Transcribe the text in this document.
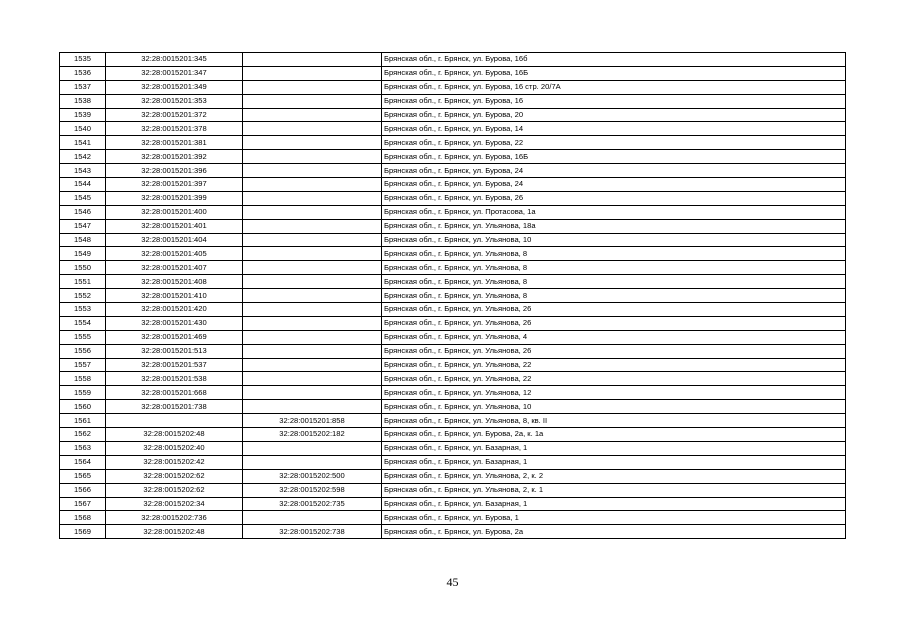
1535	32:28:0015201:345		Брянская обл., г. Брянск, ул. Бурова, 16б
1536	32:28:0015201:347		Брянская обл., г. Брянск, ул. Бурова, 16Б
1537	32:28:0015201:349		Брянская обл., г. Брянск, ул. Бурова, 16 стр. 20/7А
1538	32:28:0015201:353		Брянская обл., г. Брянск, ул. Бурова, 16
1539	32:28:0015201:372		Брянская обл., г. Брянск, ул. Бурова, 20
1540	32:28:0015201:378		Брянская обл., г. Брянск, ул. Бурова, 14
1541	32:28:0015201:381		Брянская обл., г. Брянск, ул. Бурова, 22
1542	32:28:0015201:392		Брянская обл., г. Брянск, ул. Бурова, 16Б
1543	32:28:0015201:396		Брянская обл., г. Брянск, ул. Бурова, 24
1544	32:28:0015201:397		Брянская обл., г. Брянск, ул. Бурова, 24
1545	32:28:0015201:399		Брянская обл., г. Брянск, ул. Бурова, 26
1546	32:28:0015201:400		Брянская обл., г. Брянск, ул. Протасова, 1а
1547	32:28:0015201:401		Брянская обл., г. Брянск, ул. Ульянова, 18а
1548	32:28:0015201:404		Брянская обл., г. Брянск, ул. Ульянова, 10
1549	32:28:0015201:405		Брянская обл., г. Брянск, ул. Ульянова, 8
1550	32:28:0015201:407		Брянская обл., г. Брянск, ул. Ульянова, 8
1551	32:28:0015201:408		Брянская обл., г. Брянск, ул. Ульянова, 8
1552	32:28:0015201:410		Брянская обл., г. Брянск, ул. Ульянова, 8
1553	32:28:0015201:420		Брянская обл., г. Брянск, ул. Ульянова, 26
1554	32:28:0015201:430		Брянская обл., г. Брянск, ул. Ульянова, 26
1555	32:28:0015201:469		Брянская обл., г. Брянск, ул. Ульянова, 4
1556	32:28:0015201:513		Брянская обл., г. Брянск, ул. Ульянова, 26
1557	32:28:0015201:537		Брянская обл., г. Брянск, ул. Ульянова, 22
1558	32:28:0015201:538		Брянская обл., г. Брянск, ул. Ульянова, 22
1559	32:28:0015201:668		Брянская обл., г. Брянск, ул. Ульянова, 12
1560	32:28:0015201:738		Брянская обл., г. Брянск, ул. Ульянова, 10
1561		32:28:0015201:858	Брянская обл., г. Брянск, ул. Ульянова, 8, кв. II
1562	32:28:0015202:48	32:28:0015202:182	Брянская обл., г. Брянск, ул. Бурова, 2а, к. 1а
1563	32:28:0015202:40		Брянская обл., г. Брянск, ул. Базарная, 1
1564	32:28:0015202:42		Брянская обл., г. Брянск, ул. Базарная, 1
1565	32:28:0015202:62	32:28:0015202:500	Брянская обл., г. Брянск, ул. Ульянова, 2, к. 2
1566	32:28:0015202:62	32:28:0015202:598	Брянская обл., г. Брянск, ул. Ульянова, 2, к. 1
1567	32:28:0015202:34	32:28:0015202:735	Брянская обл., г. Брянск, ул. Базарная, 1
1568	32:28:0015202:736		Брянская обл., г. Брянск, ул. Бурова, 1
1569	32:28:0015202:48	32:28:0015202:738	Брянская обл., г. Брянск, ул. Бурова, 2а
45
